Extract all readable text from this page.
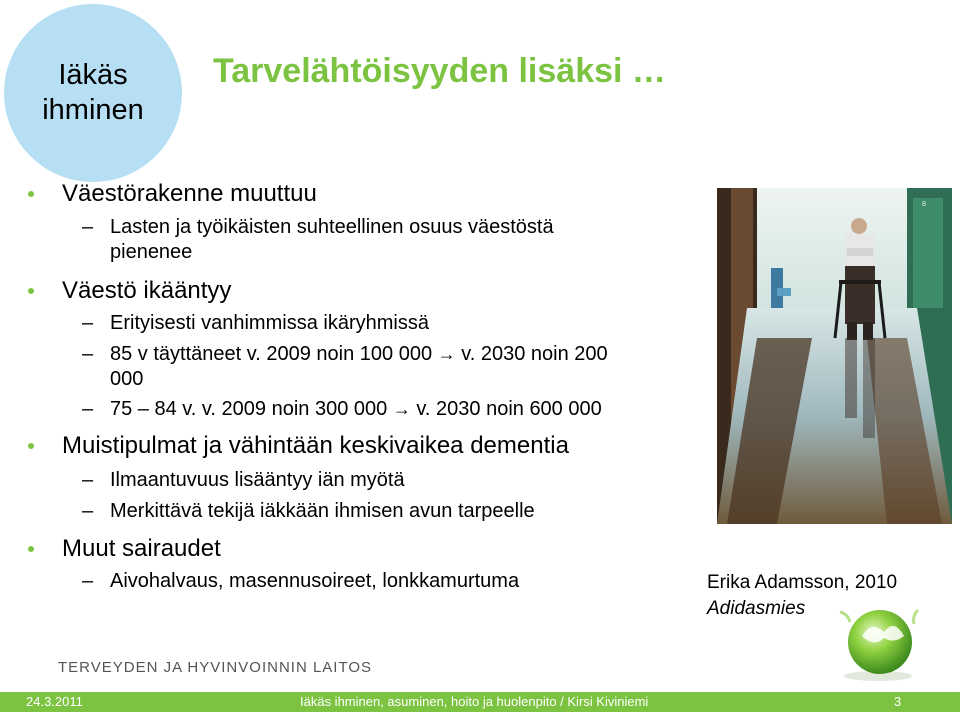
Iäkäs
ihminen
Tarvelähtöisyyden lisäksi …
Väestörakenne muuttuu
– Lasten ja työikäisten suhteellinen osuus väestöstä
pienenee
Väestö ikääntyy
– Erityisesti vanhimmissa ikäryhmissä
– 85 v täyttäneet v. 2009 noin 100 000 → v. 2030 noin 200
000
– 75 – 84 v. v. 2009 noin 300 000 → v. 2030 noin 600 000
Muistipulmat ja vähintään keskivaikea dementia
– Ilmaantuvuus lisääntyy iän myötä
– Merkittävä tekijä iäkkään ihmisen avun tarpeelle
Muut sairaudet
– Aivohalvaus, masennusoireet, lonkkamurtuma
8
Erika Adamsson, 2010
Adidasmies
TERVEYDEN JA HYVINVOINNIN LAITOS
24.3.2011	Iäkäs ihminen, asuminen, hoito ja huolenpito / Kirsi Kiviniemi	3
